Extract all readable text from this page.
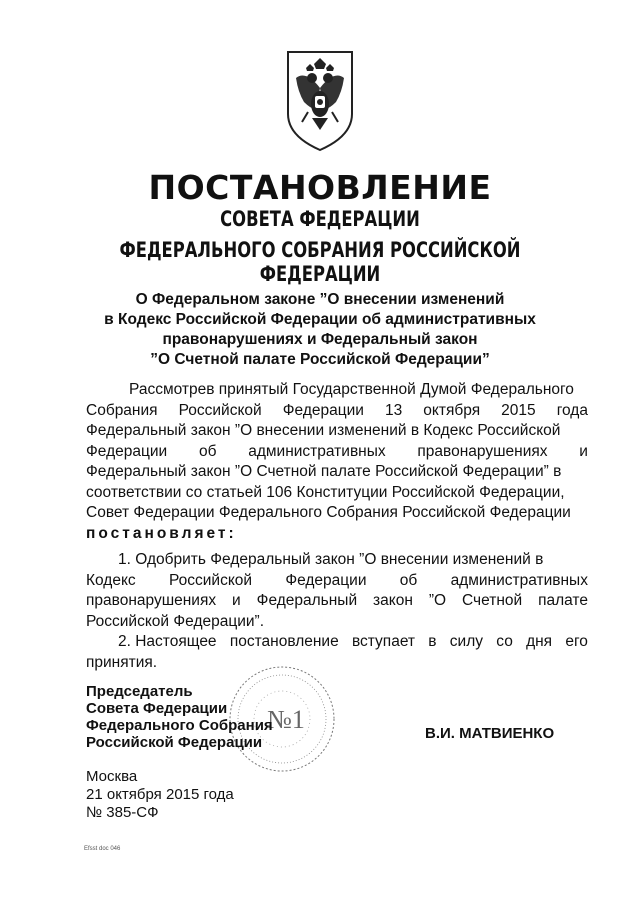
ПОСТАНОВЛЕНИЕ
СОВЕТА ФЕДЕРАЦИИ
ФЕДЕРАЛЬНОГО СОБРАНИЯ РОССИЙСКОЙ ФЕДЕРАЦИИ
О Федеральном законе ”О внесении изменений
в Кодекс Российской Федерации об административных
правонарушениях и Федеральный закон
”О Счетной палате Российской Федерации”
Рассмотрев принятый Государственной Думой Федерального
Собрания Российской Федерации 13 октября 2015 года
Федеральный закон ”О внесении изменений в Кодекс Российской
Федерации об административных правонарушениях и
Федеральный закон ”О Счетной палате Российской Федерации” в
соответствии со статьей 106 Конституции Российской Федерации,
Совет Федерации Федерального Собрания Российской Федерации
постановляет:
1. Одобрить Федеральный закон ”О внесении изменений в
Кодекс Российской Федерации об административных
правонарушениях и Федеральный закон ”О Счетной палате
Российской Федерации”.
2. Настоящее постановление вступает в силу со дня его
принятия.
№1
Председатель
Совета Федерации
Федерального Собрания
Российской Федерации
В.И. МАТВИЕНКО
Москва
21 октября 2015 года
№ 385-СФ
Efsst doc 046
